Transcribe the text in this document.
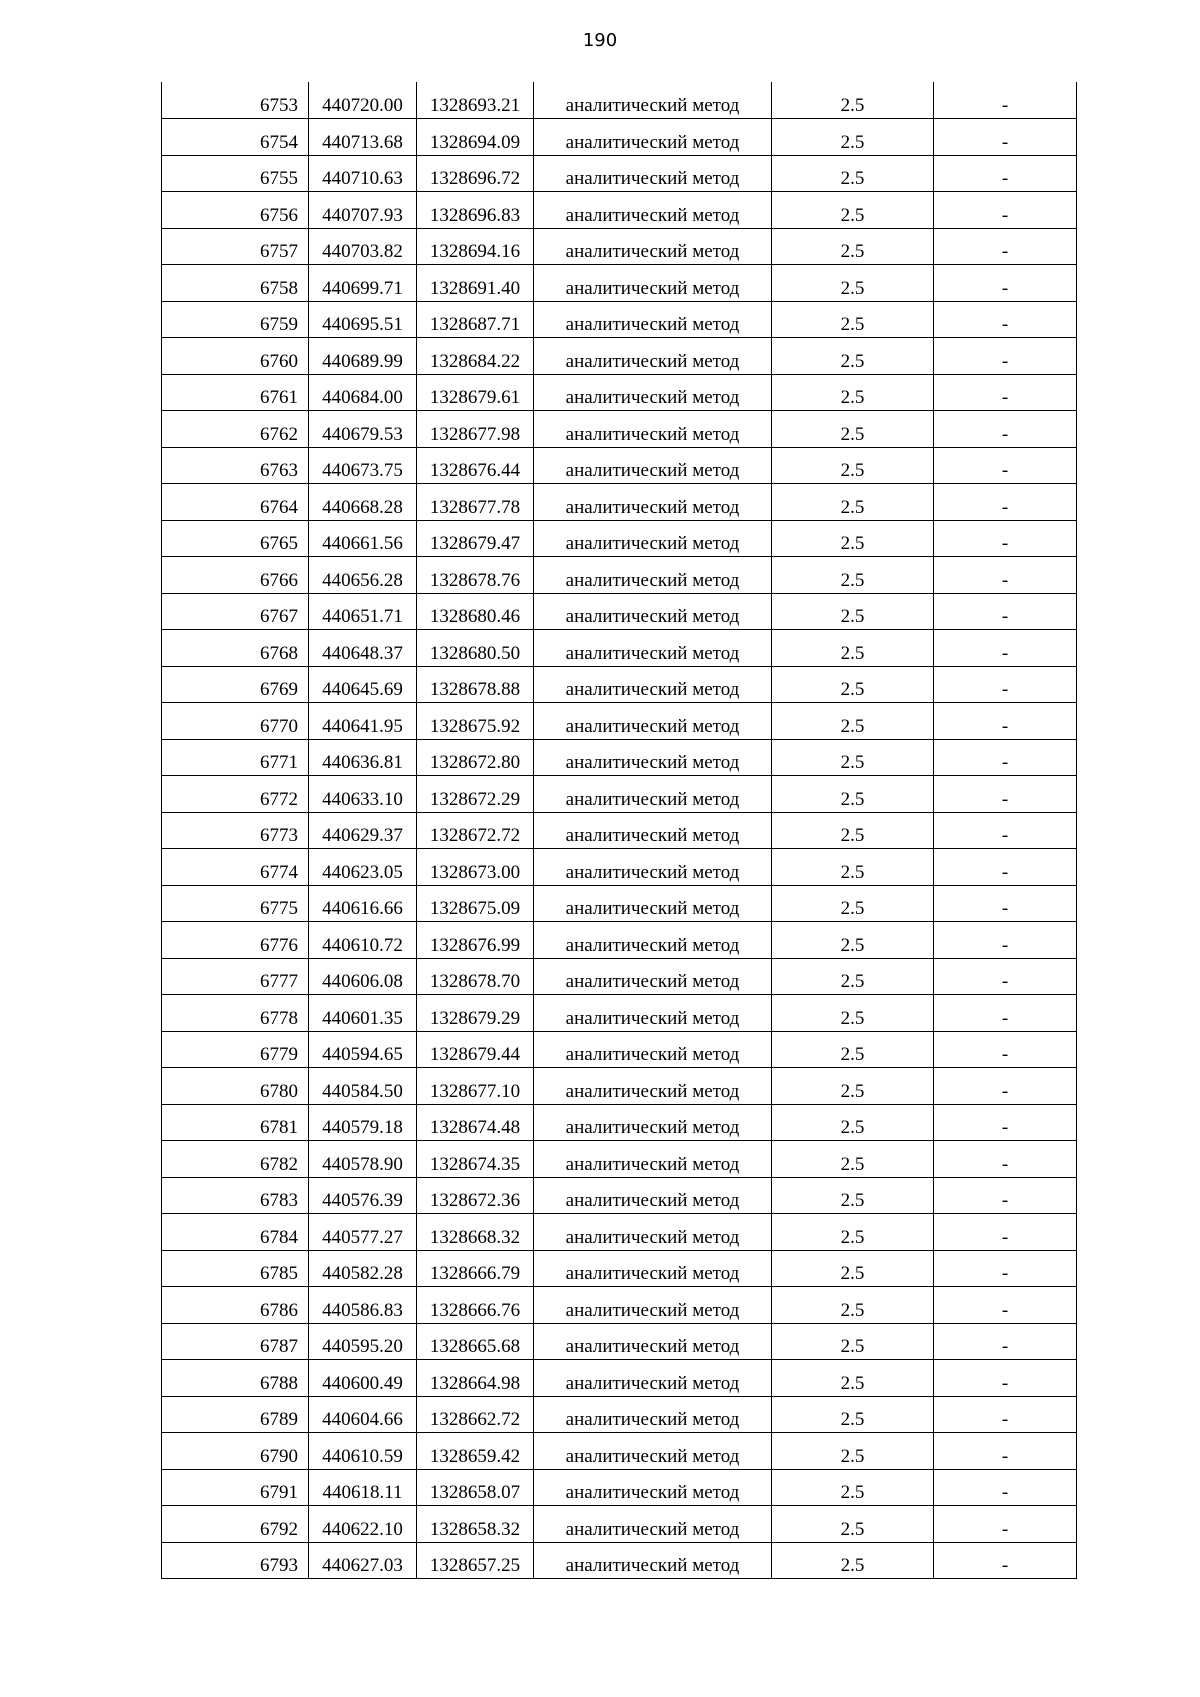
190
6753	440720.00	1328693.21	аналитический метод	2.5	-
6754	440713.68	1328694.09	аналитический метод	2.5	-
6755	440710.63	1328696.72	аналитический метод	2.5	-
6756	440707.93	1328696.83	аналитический метод	2.5	-
6757	440703.82	1328694.16	аналитический метод	2.5	-
6758	440699.71	1328691.40	аналитический метод	2.5	-
6759	440695.51	1328687.71	аналитический метод	2.5	-
6760	440689.99	1328684.22	аналитический метод	2.5	-
6761	440684.00	1328679.61	аналитический метод	2.5	-
6762	440679.53	1328677.98	аналитический метод	2.5	-
6763	440673.75	1328676.44	аналитический метод	2.5	-
6764	440668.28	1328677.78	аналитический метод	2.5	-
6765	440661.56	1328679.47	аналитический метод	2.5	-
6766	440656.28	1328678.76	аналитический метод	2.5	-
6767	440651.71	1328680.46	аналитический метод	2.5	-
6768	440648.37	1328680.50	аналитический метод	2.5	-
6769	440645.69	1328678.88	аналитический метод	2.5	-
6770	440641.95	1328675.92	аналитический метод	2.5	-
6771	440636.81	1328672.80	аналитический метод	2.5	-
6772	440633.10	1328672.29	аналитический метод	2.5	-
6773	440629.37	1328672.72	аналитический метод	2.5	-
6774	440623.05	1328673.00	аналитический метод	2.5	-
6775	440616.66	1328675.09	аналитический метод	2.5	-
6776	440610.72	1328676.99	аналитический метод	2.5	-
6777	440606.08	1328678.70	аналитический метод	2.5	-
6778	440601.35	1328679.29	аналитический метод	2.5	-
6779	440594.65	1328679.44	аналитический метод	2.5	-
6780	440584.50	1328677.10	аналитический метод	2.5	-
6781	440579.18	1328674.48	аналитический метод	2.5	-
6782	440578.90	1328674.35	аналитический метод	2.5	-
6783	440576.39	1328672.36	аналитический метод	2.5	-
6784	440577.27	1328668.32	аналитический метод	2.5	-
6785	440582.28	1328666.79	аналитический метод	2.5	-
6786	440586.83	1328666.76	аналитический метод	2.5	-
6787	440595.20	1328665.68	аналитический метод	2.5	-
6788	440600.49	1328664.98	аналитический метод	2.5	-
6789	440604.66	1328662.72	аналитический метод	2.5	-
6790	440610.59	1328659.42	аналитический метод	2.5	-
6791	440618.11	1328658.07	аналитический метод	2.5	-
6792	440622.10	1328658.32	аналитический метод	2.5	-
6793	440627.03	1328657.25	аналитический метод	2.5	-
